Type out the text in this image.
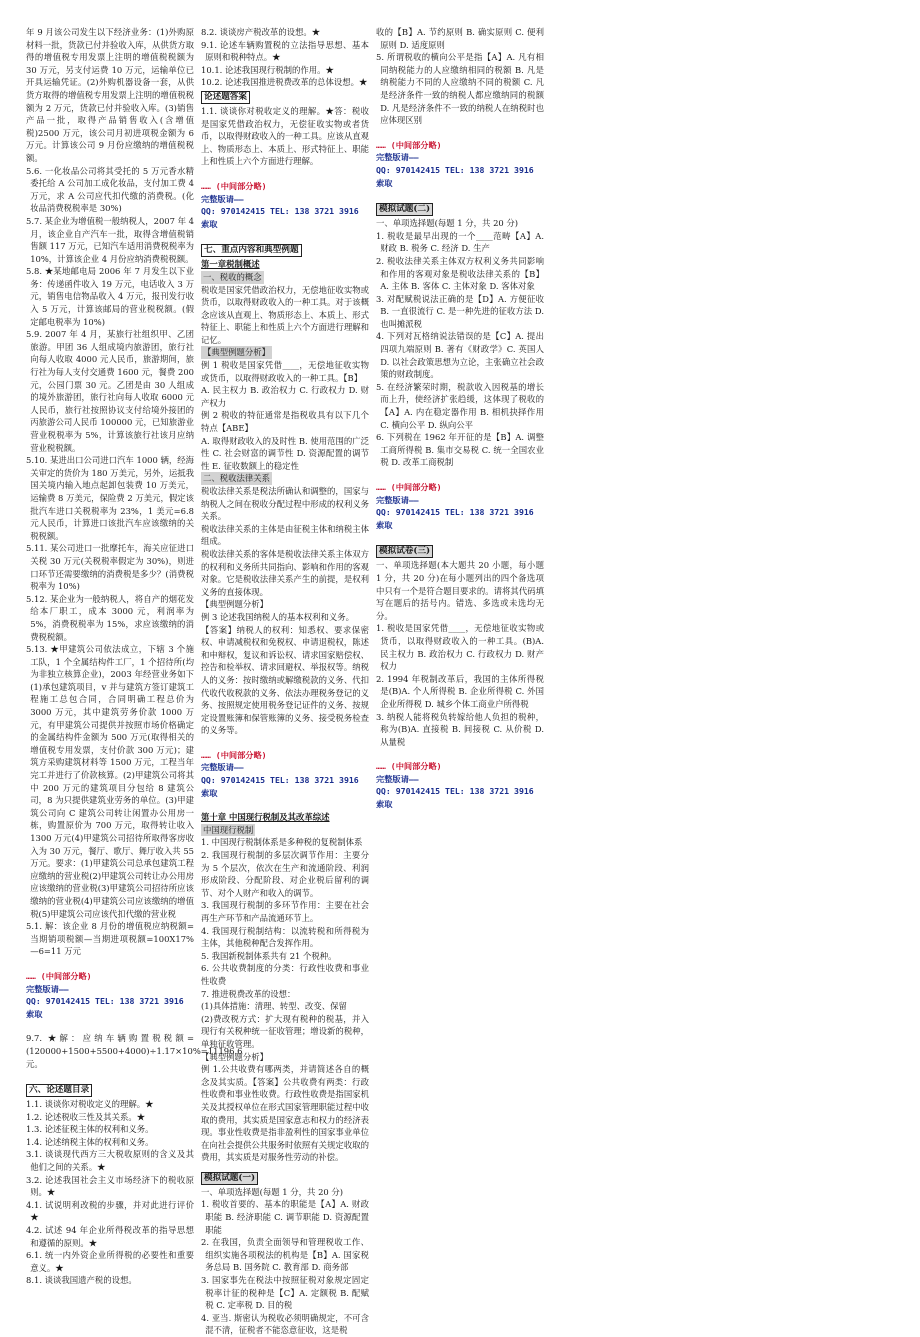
年 9 月该公司发生以下经济业务：(1)外购原材料一批，货款已付并验收入库，从供货方取得的增值税专用发票上注明的增值税税额为 30 万元，另支付运费 10 万元，运输单位已开具运输凭证。(2)外购机器设备一套，从供货方取得的增值税专用发票上注明的增值税税额为 2 万元，货款已付并验收入库。(3)销售产品一批，取得产品销售收入(含增值税)2500 万元，该公司月初进项税金额为 6 万元。计算该公司 9 月份应缴纳的增值税税额。

5.6. 一化妆品公司将其受托的 5 万元香水精委托给 A 公司加工成化妆品，支付加工费 4 万元，求 A 公司应代扣代缴的消费税。(化妆品消费税税率是 30%)

5.7. 某企业为增值税一般纳税人，2007 年 4 月，该企业自产汽车一批，取得含增值税销售额 117 万元，已知汽车适用消费税税率为 10%，计算该企业 4 月份应纳消费税税额。

5.8. ★某地邮电局 2006 年 7 月发生以下业务：传递函件收入 19 万元，电话收入 3 万元，销售电信物品收入 4 万元，报刊发行收入 5 万元，计算该邮局的营业税税额。(假定邮电税率为 10%)

5.9. 2007 年 4 月，某旅行社组织甲、乙团旅游。甲团 36 人组成境内旅游团，旅行社向每人收取 4000 元人民币，旅游期间，旅行社为每人支付交通费 1600 元，餐费 200 元，公园门票 30 元。乙团是由 30 人组成的境外旅游团，旅行社向每人收取 6000 元人民币，旅行社按照协议支付给境外接团的丙旅游公司人民币 100000 元，已知旅游业营业税税率为 5%，计算该旅行社该月应纳营业税税额。

5.10. 某进出口公司进口汽车 1000 辆，经海关审定的货价为 180 万美元，另外，运抵我国关境内输入地点起卸包装费 10 万美元，运输费 8 万美元，保险费 2 万美元，假定该批汽车进口关税税率为 23%，1 美元=6.8 元人民币，计算进口该批汽车应该缴纳的关税税额。

5.11. 某公司进口一批摩托车，海关应征进口关税 30 万元(关税税率假定为 30%)，则进口环节还需要缴纳的消费税是多少？(消费税税率为 10%)

5.12. 某企业为一般纳税人，将自产的烟花发给本厂职工，成本 3000 元，利润率为 5%，消费税税率为 15%，求应该缴纳的消费税税额。

5.13. ★甲建筑公司依法成立，下辖 3 个施工队，1 个全属结构件工厂，1 个招待所(均为非独立核算企业)，2003 年经营业务如下(1)承包建筑项目，v 并与建筑方签订建筑工程施工总包合同，合同明确工程总价为 3000 万元，其中建筑劳务价款 1000 万元，有甲建筑公司提供并按照市场价格确定的金属结构件金额为 500 万元(取得相关的增值税专用发票，支付价款 300 万元)；建筑方采购建筑材料等 1500 万元，工程当年完工并进行了价款核算。(2)甲建筑公司将其中 200 万元的建筑项目分包给 8 建筑公司，8 为只提供建筑业劳务的单位。(3)甲建筑公司向 C 建筑公司转让闲置办公用房一栋，购置原价为 700 万元，取得转让收入 1300 万元(4)甲建筑公司招待所取得客房收入为 30 万元，餐厅、歌厅、舞厅收入共 55 万元。要求：(1)甲建筑公司总承包建筑工程应缴纳的营业税(2)甲建筑公司转让办公用房应该缴纳的营业税(3)甲建筑公司招待所应该缴纳的营业税(4)甲建筑公司应该缴纳的增值税(5)甲建筑公司应该代扣代缴的营业税

5.1. 解：该企业 8 月份的增值税应纳税额=当期销项税额—当期进项税额=100X17%—6=11 万元

…… (中间部分略)
完整版请——
QQ: 970142415 TEL: 138 3721 3916 索取

9.7. ★解：应纳车辆购置税税额=(120000+1500+5500+4000)÷1.17×10%=11196.6 元。

六、论述题目录

1.1. 谈谈你对税收定义的理解。★

1.2. 论述税收三性及其关系。★

1.3. 论述征税主体的权利和义务。

1.4. 论述纳税主体的权利和义务。

3.1. 谈谈现代西方三大税收原则的含义及其他们之间的关系。★

3.2. 论述我国社会主义市场经济下的税收原则。★

4.1. 试说明利改税的步骤，并对此进行评价★

4.2. 试述 94 年企业所得税改革的指导思想和遵循的原则。★

6.1. 统一内外资企业所得税的必要性和重要意义。★

8.1. 谈谈我国遗产税的设想。

8.2. 谈谈房产税改革的设想。★

9.1. 论述车辆购置税的立法指导思想、基本原则和税种特点。★

10.1. 论述我国现行税制的作用。★

10.2. 论述我国推进税费改革的总体设想。★

论述题答案

1.1. 谈谈你对税收定义的理解。★答：税收是国家凭借政治权力，无偿征收实物或者货币，以取得财政收入的一种工具。应该从直观上、物质形态上、本质上、形式特征上、职能上和性质上六个方面进行理解。

…… (中间部分略)
完整版请——
QQ: 970142415 TEL: 138 3721 3916 索取
七、重点内容和典型例题
第一章税制概述
一、税收的概念

税收是国家凭借政治权力，无偿地征收实物或货币，以取得财政收入的一种工具。对于该概念应该从直观上、物质形态上、本质上、形式特征上、职能上和性质上六个方面进行理解和记忆。

【典型例题分析】

例 1 税收是国家凭借____，无偿地征收实物或货币，以取得财政收入的一种工具。【B】

A. 民主权力 B. 政治权力 C. 行政权力 D. 财产权力

例 2 税收的特征通常是指税收具有以下几个特点【ABE】

A. 取得财政收入的及时性 B. 使用范围的广泛性 C. 社会财富的调节性 D. 资源配置的调节性 E. 征收数额上的稳定性

二、税收法律关系

税收法律关系是税法所确认和调整的，国家与纳税人之间在税收分配过程中形成的权利义务关系。

税收法律关系的主体是由征税主体和纳税主体组成。

税收法律关系的客体是税收法律关系主体双方的权利和义务所共同指向、影响和作用的客观对象。它是税收法律关系产生的前提，是权利义务的直接体现。

【典型例题分析】

例 3 论述我国纳税人的基本权利和义务。

【答案】纳税人的权利：知悉权、要求保密权、申请减税权和免税权、申请退税权，陈述和申辩权，复议和诉讼权、请求国家赔偿权、控告和检举权、请求回避权、举报权等。纳税人的义务：按时缴纳或解缴税款的义务、代扣代收代收税款的义务、依法办理税务登记的义务、按照规定使用税务登记证件的义务、按规定设置账簿和保管账簿的义务、接受税务检查的义务等。

…… (中间部分略)
完整版请——
QQ: 970142415 TEL: 138 3721 3916 索取
第十章 中国现行税制及其改革综述
中国现行税制

1. 中国现行税制体系是多种税的复税制体系

2. 我国现行税制的多层次调节作用：主要分为 5 个层次，依次在生产和流通阶段、利润形成阶段、分配阶段、对企业税后留利的调节、对个人财产和收入的调节。

3. 我国现行税制的多环节作用：主要在社会再生产环节和产品流通环节上。

4. 我国现行税制结构：以流转税和所得税为主体，其他税种配合发挥作用。

5. 我国新税制体系共有 21 个税种。

6. 公共收费制度的分类：行政性收费和事业性收费

7. 推进税费改革的设想：

(1)具体措施：清理、转型、改变、保留

(2)费改税方式：扩大现有税种的税基，并入现行有关税种统一征收管理；增设新的税种，单独征收管理。

【典型例题分析】

例 1.公共收费有哪两类，并请简述各自的概念及其实质。【答案】公共收费有两类：行政性收费和事业性收费。行政性收费是指国家机关及其授权单位在形式国家管理职能过程中收取的费用，其实质是国家意志和权力的经济表现。事业性收费是指非盈利性的国家事业单位在向社会提供公共服务时依照有关规定收取的费用，其实质是对服务性劳动的补偿。

模拟试题(一)

一、单项选择题(每题 1 分，共 20 分)

1. 税收首要的、基本的职能是【A】A. 财政职能 B. 经济职能 C. 调节职能 D. 资源配置职能

2. 在我国，负责全面领导和管理税收工作、组织实施各项税法的机构是【B】A. 国家税务总局 B. 国务院 C. 教育部 D. 商务部

3. 国家事先在税法中按照征税对象规定固定税率计征的税种是【C】A. 定额税 B. 配赋税 C. 定率税 D. 目的税

4. 亚当. 斯密认为税收必须明确规定，不可含混不清，征税者不能恣意征收，这是税

收的【B】A. 节约原则 B. 确实原则 C. 便利原则 D. 适度原则

5. 所谓税收的横向公平是指【A】A. 凡有相同纳税能力的人应缴纳相同的税额 B. 凡是纳税能力不同的人应缴纳不同的税额 C. 凡是经济条件一致的纳税人都应缴纳同的税额 D. 凡是经济条件不一致的纳税人在纳税时也应体现区别

…… (中间部分略)
完整版请——
QQ: 970142415 TEL: 138 3721 3916 索取
模拟试题(二)

一、单项选择题(每题 1 分，共 20 分)

1. 税收是最早出现的一个____范畴【A】A. 财政 B. 税务 C. 经济 D. 生产

2. 税收法律关系主体双方权利义务共同影响和作用的客观对象是税收法律关系的【B】A. 主体 B. 客体 C. 主体对象 D. 客体对象

3. 对配赋税说法正确的是【D】A. 方便征收 B. 一直很流行 C. 是一种先进的征收方法 D. 也叫摊派税

4. 下列对瓦格纳说法错误的是【C】A. 提出四项九端原则 B. 著有《财政学》C. 英国人 D. 以社会政策思想为立论，主张确立社会政策的财政制度。

5. 在经济繁荣时期，税款收入因税基的增长而上升，使经济扩张趋缓，这体现了税收的【A】A. 内在稳定器作用 B. 相机抉择作用 C. 横向公平 D. 纵向公平

6. 下列税在 1962 年开征的是【B】A. 调整工商所得税 B. 集市交易税 C. 统一全国农业税 D. 改革工商税制

…… (中间部分略)
完整版请——
QQ: 970142415 TEL: 138 3721 3916 索取
模拟试卷(三)

一、单项选择题(本大题共 20 小题，每小题 1 分，共 20 分)在每小题列出的四个备选项中只有一个是符合题目要求的。请将其代码填写在题后的括号内。错选、多选或未选均无分。

1. 税收是国家凭借____，无偿地征收实物或货币，以取得财政收入的一种工具。(B)A. 民主权力 B. 政治权力 C. 行政权力 D. 财产权力

2. 1994 年税制改革后，我国的主体所得税是(B)A. 个人所得税 B. 企业所得税 C. 外国企业所得税 D. 城乡个体工商业户所得税

3. 纳税人能将税负转嫁给他人负担的税种，称为(B)A. 直接税 B. 间接税 C. 从价税 D. 从量税

…… (中间部分略)
完整版请——
QQ: 970142415 TEL: 138 3721 3916 索取
